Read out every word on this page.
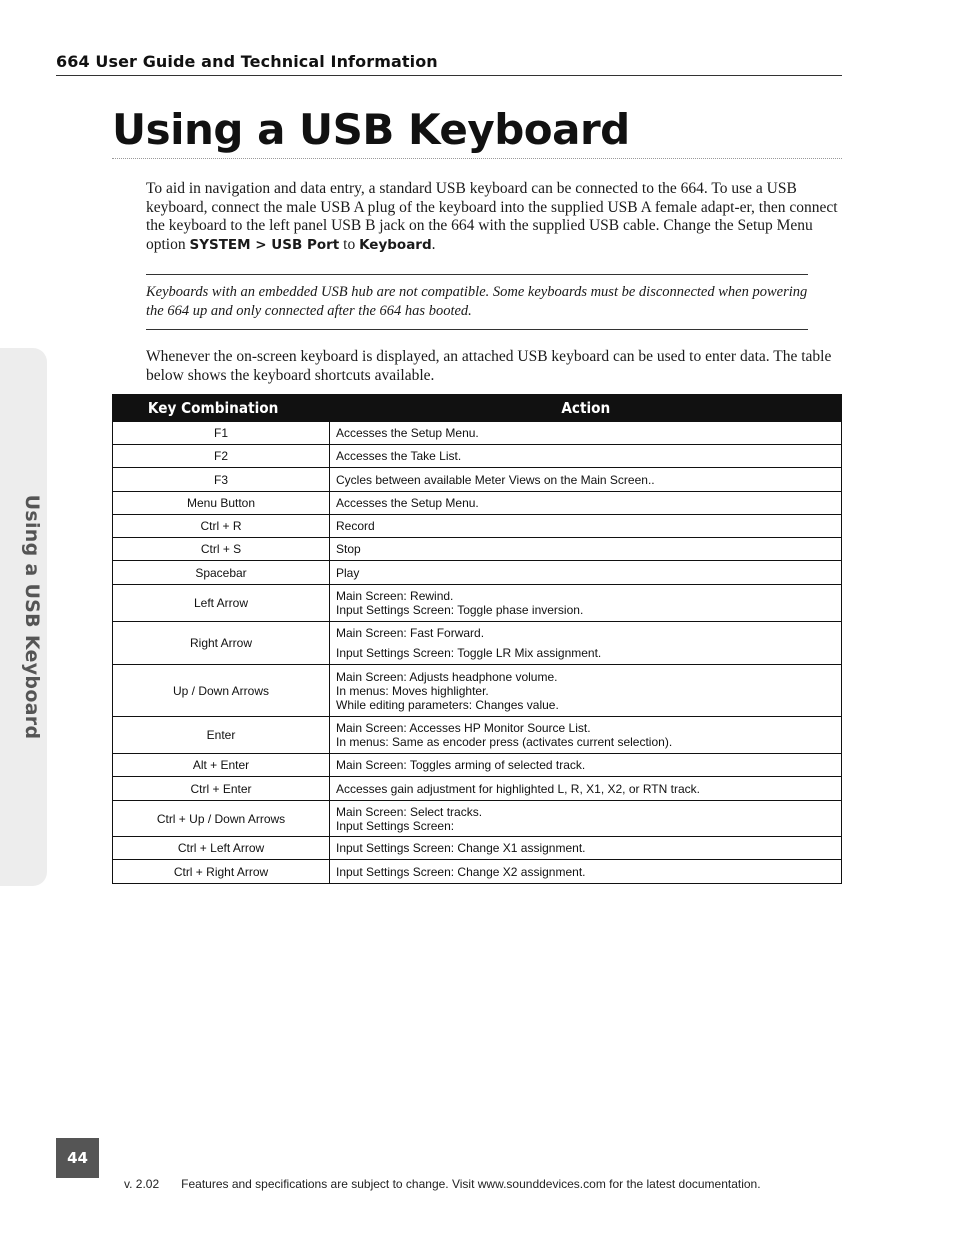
664 User Guide and Technical Information
Using a USB Keyboard
To aid in navigation and data entry, a standard USB keyboard can be connected to the 664. To use a USB keyboard, connect the male USB A plug of the keyboard into the supplied USB A female adapt-er, then connect the keyboard to the left panel USB B jack on the 664 with the supplied USB cable. Change the Setup Menu option SYSTEM > USB Port to Keyboard.
Keyboards with an embedded USB hub are not compatible. Some keyboards must be disconnected when powering the 664 up and only connected after the 664 has booted.
Whenever the on-screen keyboard is displayed, an attached USB keyboard can be used to enter data. The table below shows the keyboard shortcuts available.
Using a USB Keyboard
Key Combination	Action
F1	Accesses the Setup Menu.

F2	Accesses the Take List.

F3	Cycles between available Meter Views on the Main Screen..

Menu Button	Accesses the Setup Menu.

Ctrl + R	Record

Ctrl + S	Stop

Spacebar	Play

Left Arrow	Main Screen: Rewind.
Input Settings Screen: Toggle phase inversion.

Right Arrow	Main Screen: Fast Forward.
Input Settings Screen: Toggle LR Mix assignment.

Up / Down Arrows	Main Screen: Adjusts headphone volume.
In menus: Moves highlighter.
While editing parameters: Changes value.

Enter	Main Screen: Accesses HP Monitor Source List.
In menus: Same as encoder press (activates current selection).

Alt + Enter	Main Screen: Toggles arming of selected track.

Ctrl + Enter	Accesses gain adjustment for highlighted L, R, X1, X2, or RTN track.

Ctrl + Up / Down Arrows	Main Screen: Select tracks.
Input Settings Screen:

Ctrl + Left Arrow	Input Settings Screen: Change X1 assignment.

Ctrl + Right Arrow	Input Settings Screen: Change X2 assignment.
44
v. 2.02 Features and specifications are subject to change. Visit www.sounddevices.com for the latest documentation.
